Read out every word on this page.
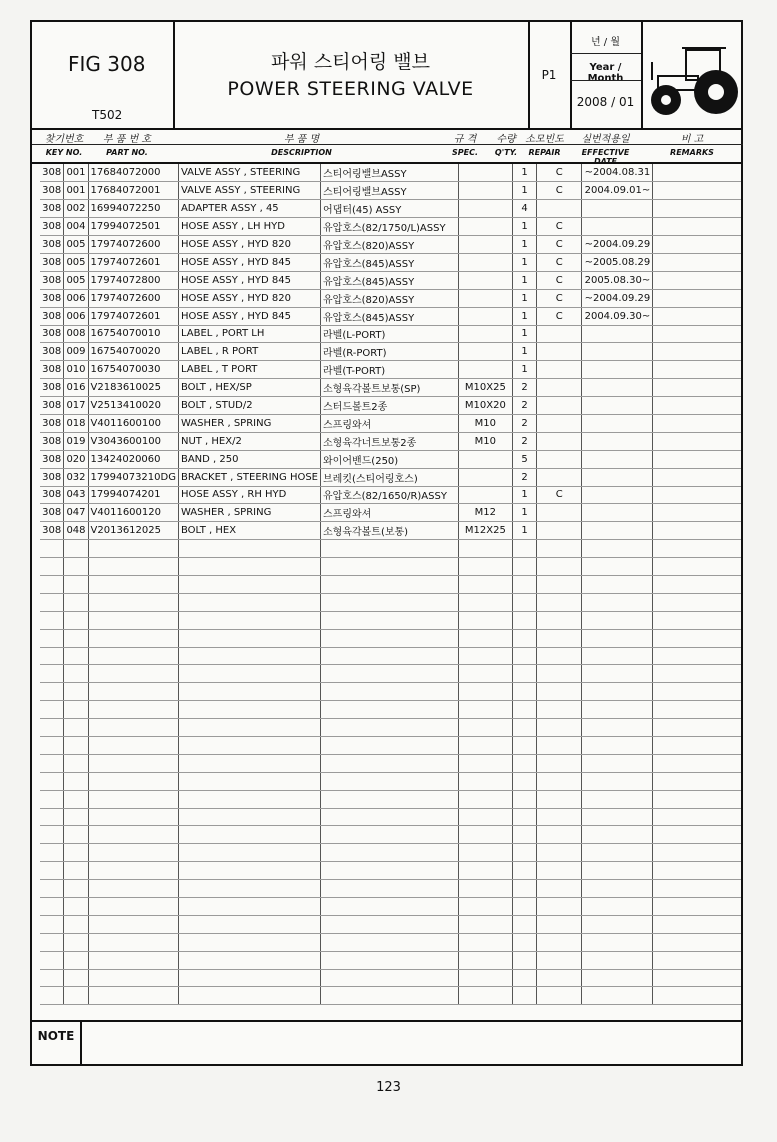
FIG 308
T502
파워 스티어링 밸브
POWER STEERING VALVE
P1
년 / 월
Year / Month
2008 / 01
찾기번호
KEY NO.
부 품 번 호
PART NO.
부 품 명
DESCRIPTION
규 격
SPEC.
수량
Q'TY.
소모빈도
REPAIR
실번적용일
EFFECTIVE DATE
비 고
REMARKS
308	001	17684072000	VALVE ASSY , STEERING	스티어링밸브ASSY		1	C	~2004.08.31	
308	001	17684072001	VALVE ASSY , STEERING	스티어링밸브ASSY		1	C	2004.09.01~	
308	002	16994072250	ADAPTER ASSY , 45	어댑터(45) ASSY		4			
308	004	17994072501	HOSE ASSY , LH HYD	유압호스(82/1750/L)ASSY		1	C		
308	005	17974072600	HOSE ASSY , HYD 820	유압호스(820)ASSY		1	C	~2004.09.29	
308	005	17974072601	HOSE ASSY , HYD 845	유압호스(845)ASSY		1	C	~2005.08.29	
308	005	17974072800	HOSE ASSY , HYD 845	유압호스(845)ASSY		1	C	2005.08.30~	
308	006	17974072600	HOSE ASSY , HYD 820	유압호스(820)ASSY		1	C	~2004.09.29	
308	006	17974072601	HOSE ASSY , HYD 845	유압호스(845)ASSY		1	C	2004.09.30~	
308	008	16754070010	LABEL , PORT LH	라벨(L-PORT)		1			
308	009	16754070020	LABEL , R PORT	라벨(R-PORT)		1			
308	010	16754070030	LABEL , T PORT	라벨(T-PORT)		1			
308	016	V2183610025	BOLT , HEX/SP	소형육각볼트보통(SP)	M10X25	2			
308	017	V2513410020	BOLT , STUD/2	스터드볼트2종	M10X20	2			
308	018	V4011600100	WASHER , SPRING	스프링와셔	M10	2			
308	019	V3043600100	NUT , HEX/2	소형육각너트보통2종	M10	2			
308	020	13424020060	BAND , 250	와이어밴드(250)		5			
308	032	17994073210DG	BRACKET , STEERING HOSE	브레킷(스티어링호스)		2			
308	043	17994074201	HOSE ASSY , RH HYD	유압호스(82/1650/R)ASSY		1	C		
308	047	V4011600120	WASHER , SPRING	스프링와셔	M12	1			
308	048	V2013612025	BOLT , HEX	소형육각볼트(보통)	M12X25	1			

NOTE
123
